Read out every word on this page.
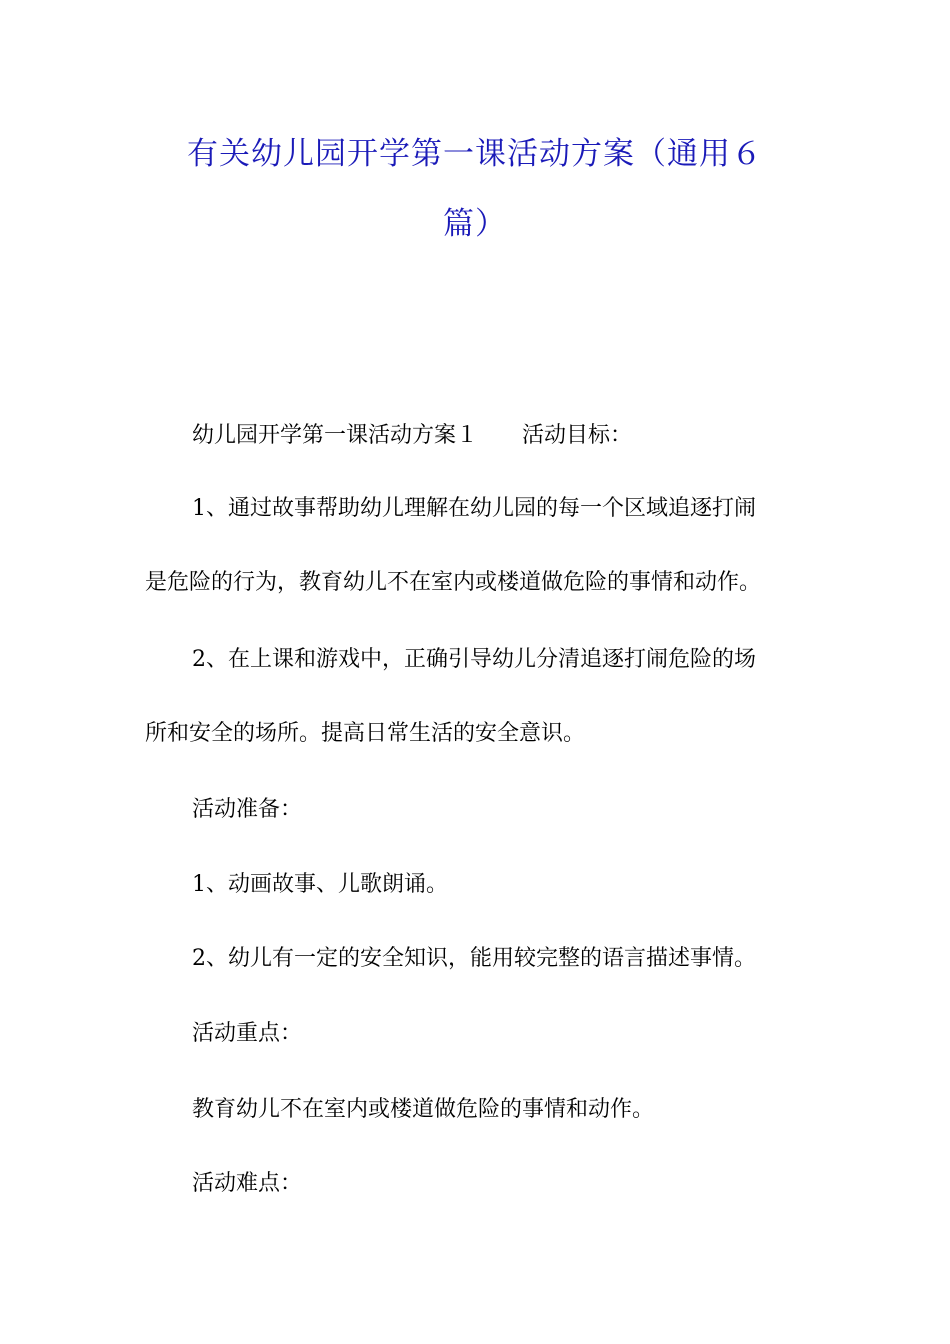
有关幼儿园开学第一课活动方案（通用６
篇）

幼儿园开学第一课活动方案１ 活动目标：

1、通过故事帮助幼儿理解在幼儿园的每一个区域追逐打闹

是危险的行为，教育幼儿不在室内或楼道做危险的事情和动作。

2、在上课和游戏中，正确引导幼儿分清追逐打闹危险的场

所和安全的场所。提高日常生活的安全意识。

活动准备：

1、动画故事、儿歌朗诵。

2、幼儿有一定的安全知识，能用较完整的语言描述事情。

活动重点：

教育幼儿不在室内或楼道做危险的事情和动作。

活动难点：
